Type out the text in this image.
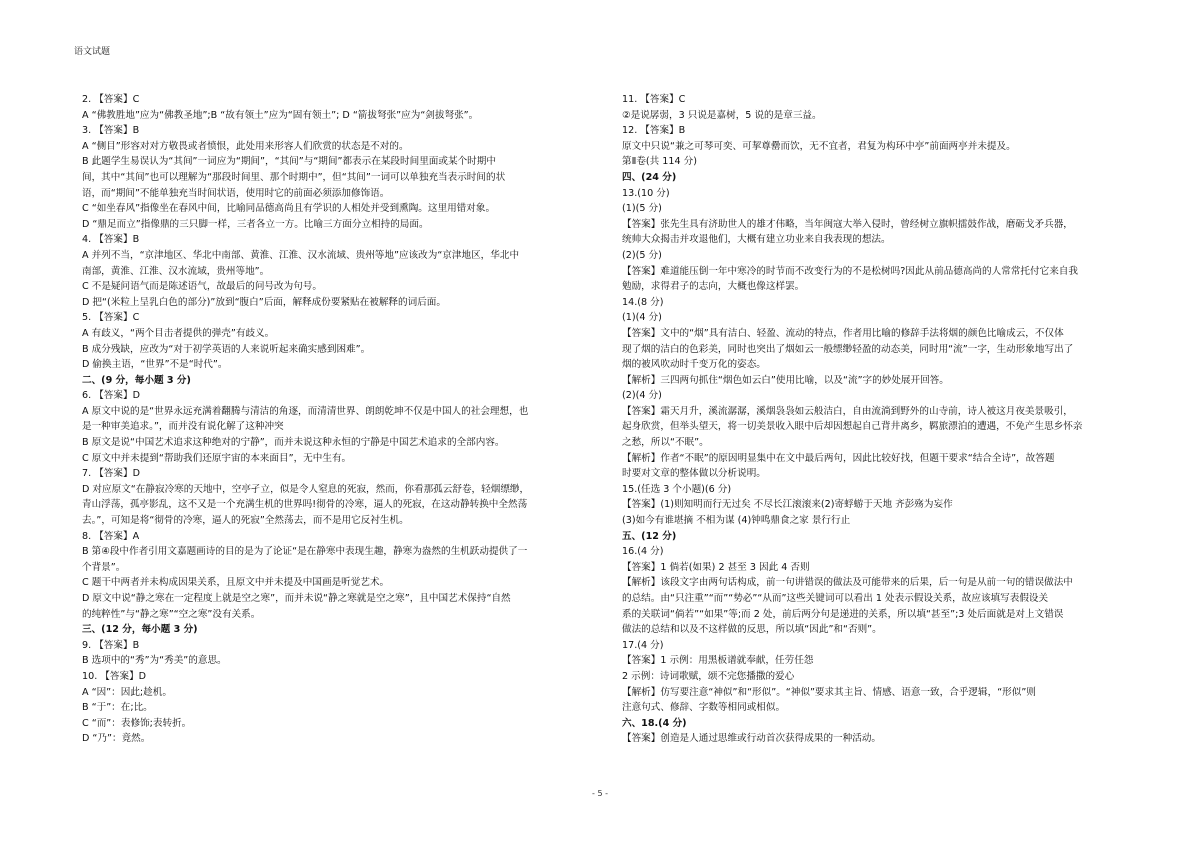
语文试题
2. 【答案】C
A “佛教胜地”应为“佛教圣地”;B “故有领土”应为“固有领土”; D “箭拔弩张”应为“剑拔弩张”。
3. 【答案】B
A “侧目”形容对对方敬畏或者愤恨，此处用来形容人们欣赏的状态是不对的。
B 此题学生易误认为“其间”一词应为“期间”，“其间”与“期间”都表示在某段时间里面或某个时期中
间，其中“其间”也可以理解为“那段时间里、那个时期中”，但“其间”一词可以单独充当表示时间的状
语，而“期间”不能单独充当时间状语，使用时它的前面必须添加修饰语。
C “如坐春风”指像坐在春风中间，比喻同品德高尚且有学识的人相处并受到熏陶。这里用错对象。
D “鼎足而立”指像鼎的三只脚一样，三者各立一方。比喻三方面分立相持的局面。
4. 【答案】B
A 并列不当，“京津地区、华北中南部、黄淮、江淮、汉水流域、贵州等地”应该改为“京津地区，华北中
南部，黄淮、江淮、汉水流域，贵州等地”。
C 不是疑问语气而是陈述语气，故最后的问号改为句号。
D 把“(米粒上呈乳白色的部分)”放到“腹白”后面，解释成份要紧贴在被解释的词后面。
5. 【答案】C
A 有歧义，“两个目击者提供的弹壳”有歧义。
B 成分残缺，应改为“对于初学英语的人来说听起来确实感到困难”。
D 偷换主语，“世界”不是“时代”。
二、(9 分，每小题 3 分)
6. 【答案】D
A 原文中说的是“世界永远充满着翻腾与清洁的角逐，而清清世界、朗朗乾坤不仅是中国人的社会理想，也
是一种审美追求。”，而并没有说化解了这种冲突
B 原文是说“中国艺术追求这种绝对的宁静”，而并未说这种永恒的宁静是中国艺术追求的全部内容。
C 原文中并未提到“帮助我们还原宇宙的本来面目”，无中生有。
7. 【答案】D
D 对应原文“在静寂冷寒的天地中，空亭孑立，似是令人窒息的死寂，然而，你看那孤云舒卷，轻烟缥缈，
青山浮荡，孤亭影乱，这不又是一个充满生机的世界吗!彻骨的冷寒，逼人的死寂，在这动静转换中全然荡
去。”，可知是将“彻骨的冷寒，逼人的死寂”全然荡去，而不是用它反衬生机。
8. 【答案】A
B 第④段中作者引用文嘉题画诗的目的是为了论证“是在静寒中表现生趣，静寒为盎然的生机跃动提供了一
个背景”。
C 题干中两者并未构成因果关系，且原文中并未提及中国画是听觉艺术。
D 原文中说“静之寒在一定程度上就是空之寒”，而并未说“静之寒就是空之寒”，且中国艺术保持“自然
的纯粹性”与“静之寒”“空之寒”没有关系。
三、(12 分，每小题 3 分)
9. 【答案】B
B 选项中的“秀”为“秀美”的意思。
10. 【答案】D
A “因”：因此;趁机。
B “于”：在;比。
C “而”：表修饰;表转折。
D “乃”：竟然。
11. 【答案】C
②是说孱弱，3 只说是嘉树，5 说的是章三益。
12. 【答案】B
原文中只说“兼之可琴可奕、可挈尊罍而饮，无不宜者，君复为构环中亭”前面两亭并未提及。
第Ⅱ卷(共 114 分)
四、(24 分)
13.(10 分)
(1)(5 分)
【答案】张先生具有济助世人的雄才伟略，当年闽寇大举入侵时，曾经树立旗帜擂鼓作战，磨砺戈矛兵器，
统帅大众揭击并攻退他们，大概有建立功业来自我表现的想法。
(2)(5 分)
【答案】难道能压倒一年中寒冷的时节而不改变行为的不是松树吗?因此从前品德高尚的人常常托付它来自我
勉励，求得君子的志向，大概也像这样罢。
14.(8 分)
(1)(4 分)
【答案】文中的“烟”具有洁白、轻盈、流动的特点，作者用比喻的修辞手法将烟的颜色比喻成云，不仅体
现了烟的洁白的色彩美，同时也突出了烟如云一般缥缈轻盈的动态美，同时用“流”一字，生动形象地写出了
烟的被风吹动时千变万化的姿态。
【解析】三四两句抓住“烟色如云白”使用比喻，以及“流”字的妙处展开回答。
(2)(4 分)
【答案】霜天月升，溪流潺潺，溪烟袅袅如云般洁白，自由流淌到野外的山寺前，诗人被这月夜美景吸引，
起身欣赏，但举头望天，将一切美景收入眼中后却因想起自己背井离乡，羁旅漂泊的遭遇，不免产生思乡怀亲
之愁，所以“不眠”。
【解析】作者“不眠”的原因明显集中在文中最后两句，因此比较好找，但题干要求“结合全诗”，故答题
时要对文章的整体做以分析说明。
15.(任选 3 个小题)(6 分)
【答案】(1)则知明而行无过矣 不尽长江滚滚来(2)寄蜉蝣于天地 齐彭殇为妄作
(3)如今有谁堪摘 不相为谋 (4)钟鸣鼎食之家 景行行止
五、(12 分)
16.(4 分)
【答案】1 倘若(如果) 2 甚至 3 因此 4 否则
【解析】该段文字由两句话构成，前一句讲错误的做法及可能带来的后果，后一句是从前一句的错误做法中
的总结。由“只注重”“而”“势必”“从而”这些关键词可以看出 1 处表示假设关系，故应该填写表假设关
系的关联词“倘若”“如果”等;而 2 处，前后两分句是递进的关系，所以填“甚至”;3 处后面就是对上文错误
做法的总结和以及不这样做的反思，所以填“因此”和“否则”。
17.(4 分)
【答案】1 示例：用黑板谱就奉献，任劳任怨
2 示例：诗词歌赋，颂不完您播撒的爱心
【解析】仿写要注意“神似”和“形似”。“神似”要求其主旨、情感、语意一致，合乎逻辑，“形似”则
注意句式、修辞、字数等相同或相似。
六、18.(4 分)
【答案】创造是人通过思维或行动首次获得成果的一种活动。
- 5 -
